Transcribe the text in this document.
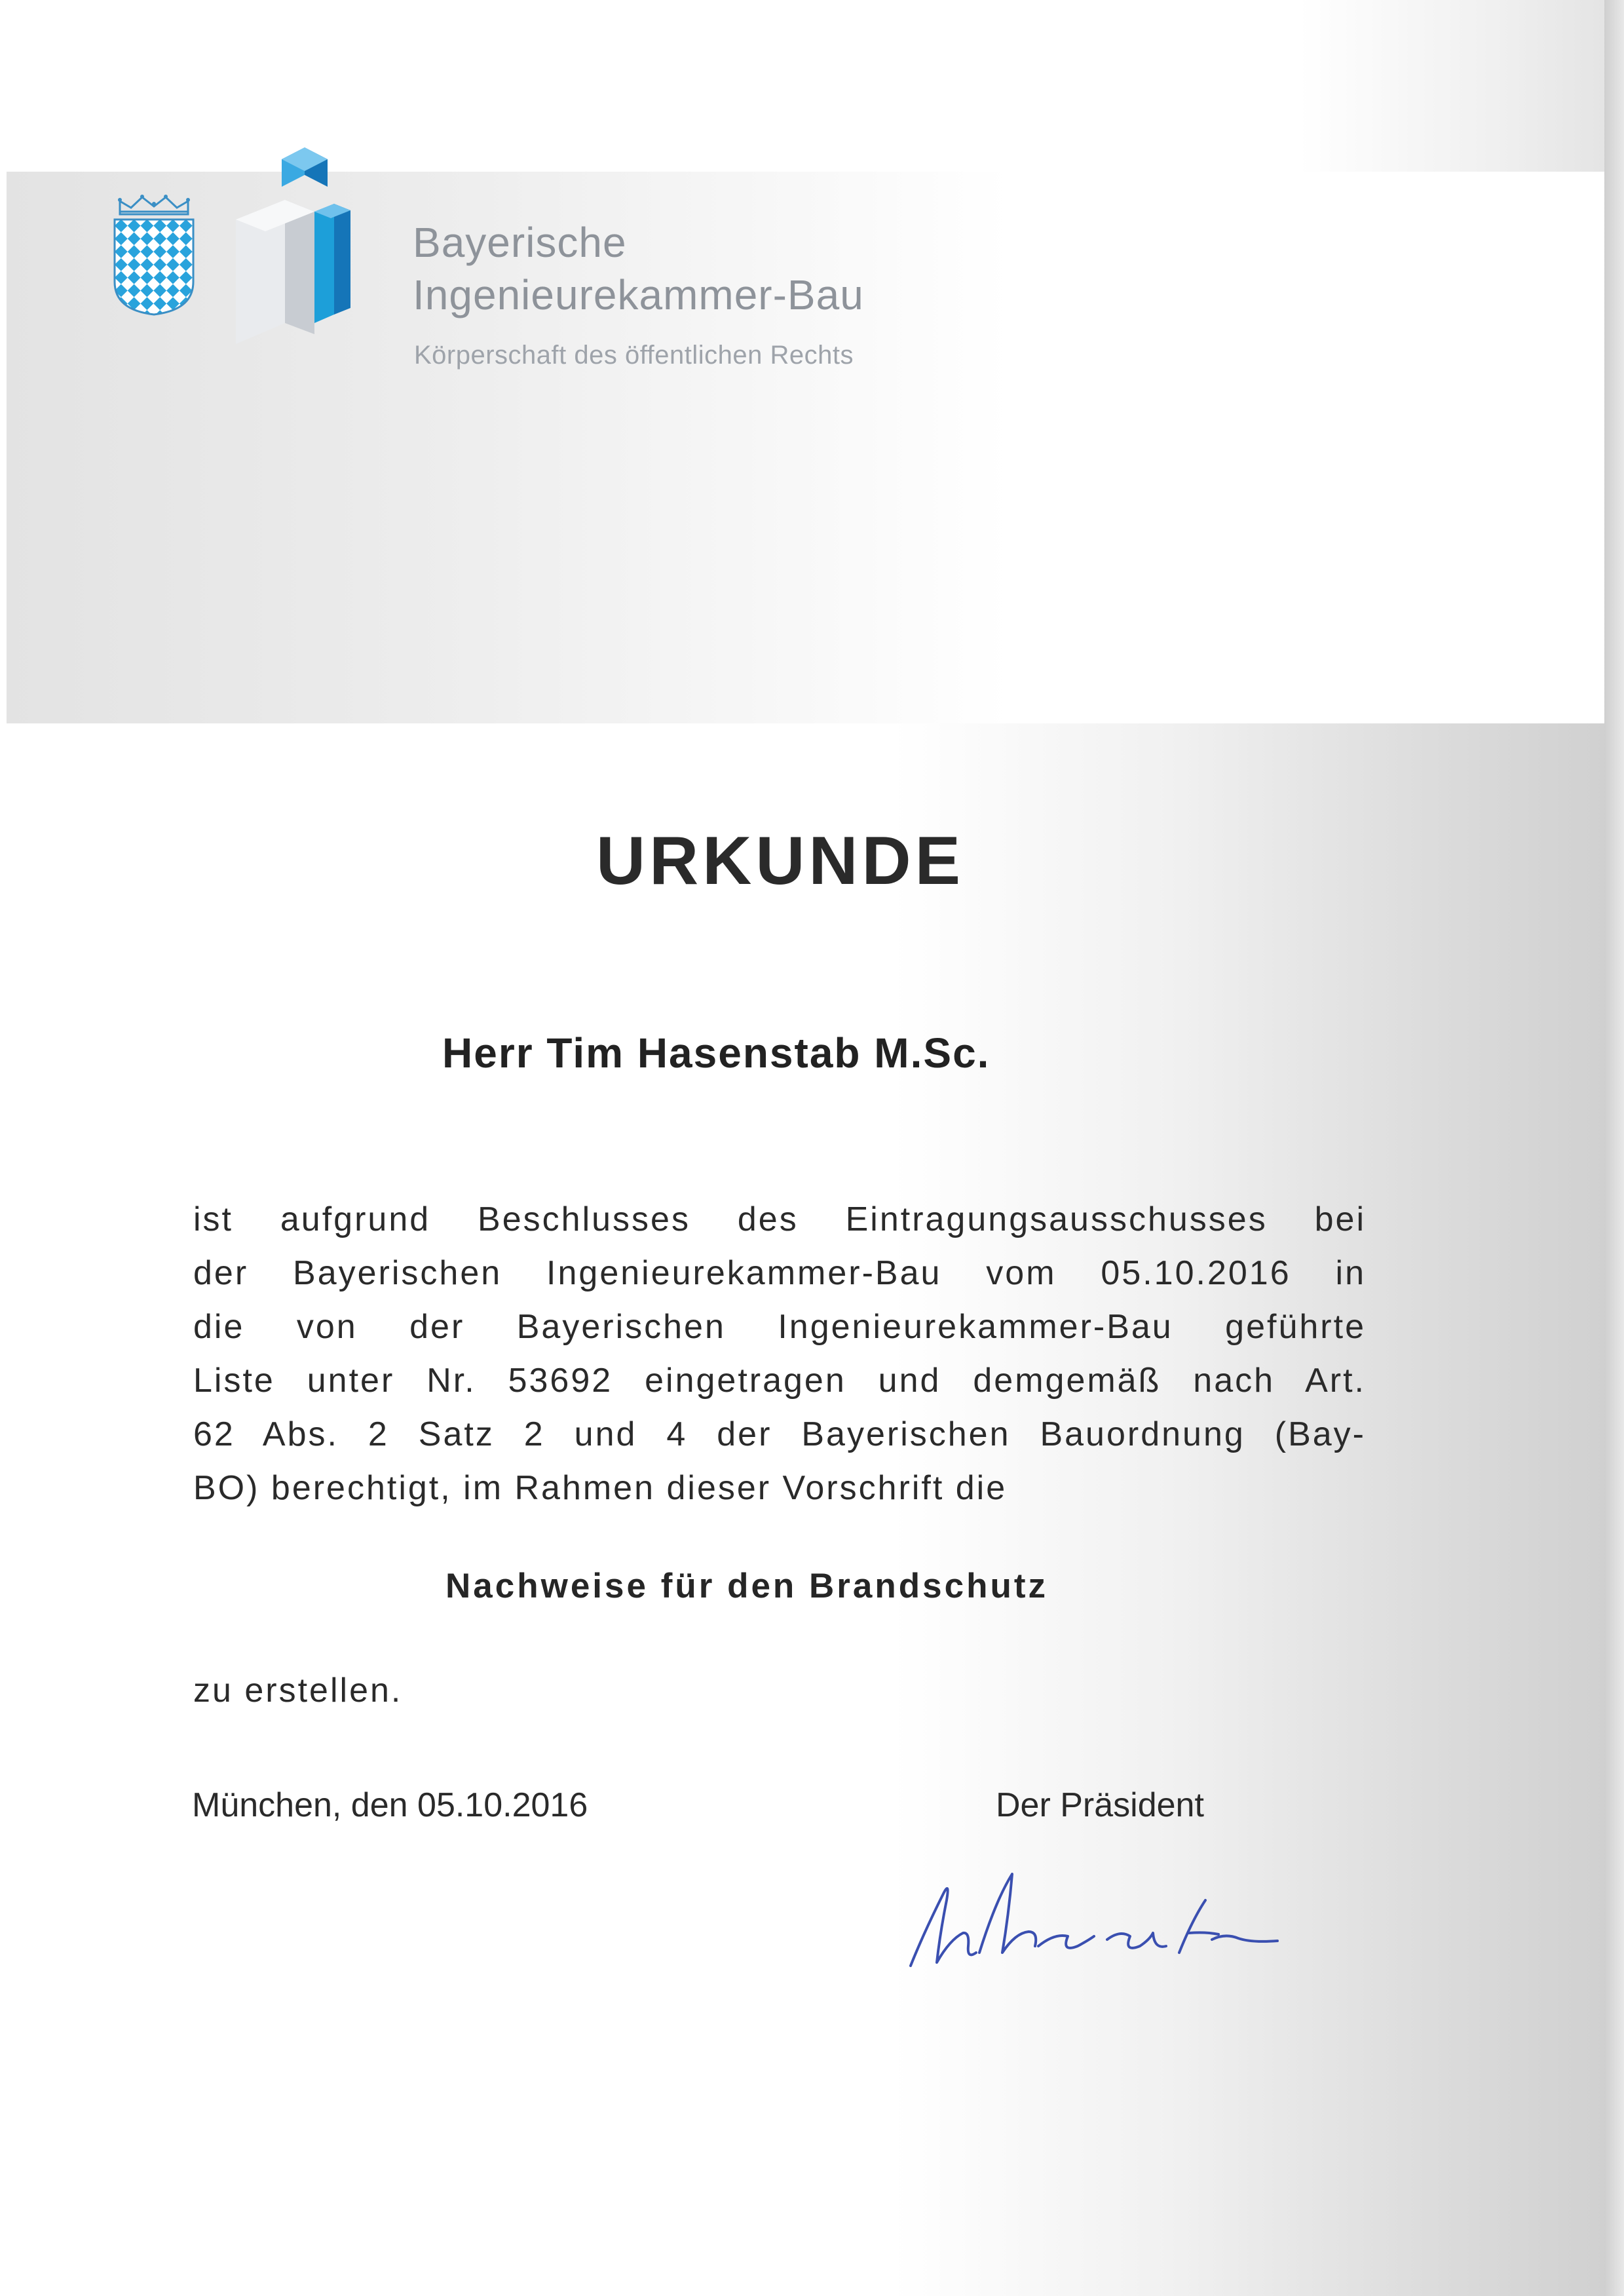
Bayerische
Ingenieurekammer-Bau
Körperschaft des öffentlichen Rechts
URKUNDE
Herr Tim Hasenstab M.Sc.
ist aufgrund Beschlusses des Eintragungsausschusses bei
der Bayerischen Ingenieurekammer-Bau vom 05.10.2016 in
die von der Bayerischen Ingenieurekammer-Bau geführte
Liste unter Nr. 53692 eingetragen und demgemäß nach Art.
62 Abs. 2 Satz 2 und 4 der Bayerischen Bauordnung (Bay-
BO) berechtigt, im Rahmen dieser Vorschrift die
Nachweise für den Brandschutz
zu erstellen.
München, den 05.10.2016	Der Präsident
